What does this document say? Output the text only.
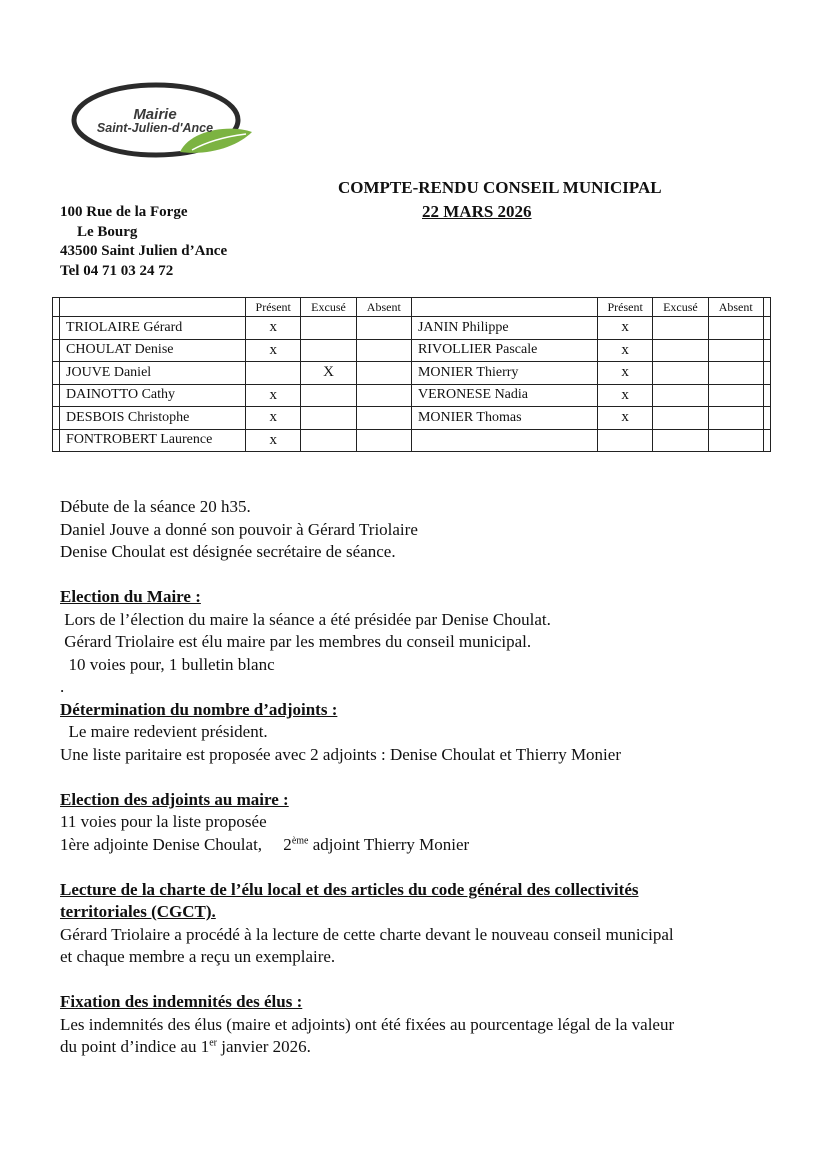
Mairie
Saint-Julien-d'Ance
COMPTE-RENDU CONSEIL MUNICIPAL
22 MARS 2026
100 Rue de la Forge
Le Bourg
43500 Saint Julien d’Ance
Tel 04 71 03 24 72
		Présent	Excusé	Absent		Présent	Excusé	Absent	
	TRIOLAIRE Gérard	x			JANIN Philippe	x			
	CHOULAT Denise	x			RIVOLLIER Pascale	x			
	JOUVE Daniel		X		MONIER Thierry	x			
	DAINOTTO Cathy	x			VERONESE Nadia	x			
	DESBOIS Christophe	x			MONIER Thomas	x			
	FONTROBERT Laurence	x							

Débute de la séance 20 h35.

Daniel Jouve a donné son pouvoir à Gérard Triolaire

Denise Choulat est désignée secrétaire de séance.

Election du Maire :

Lors de l’élection du maire la séance a été présidée par Denise Choulat.

Gérard Triolaire est élu maire par les membres du conseil municipal.

10 voies pour, 1 bulletin blanc

.

Détermination du nombre d’adjoints :

Le maire redevient président.

Une liste paritaire est proposée avec 2 adjoints : Denise Choulat et Thierry Monier

Election des adjoints au maire :

11 voies pour la liste proposée

1ère adjointe Denise Choulat,     2ème adjoint Thierry Monier

Lecture de la charte de l’élu local et des articles du code général des collectivités

territoriales (CGCT).

Gérard Triolaire a procédé à la lecture de cette charte devant le nouveau conseil municipal

et chaque membre a reçu un exemplaire.

Fixation des indemnités des élus :

Les indemnités des élus (maire et adjoints) ont été fixées au pourcentage légal de la valeur

du point d’indice au 1er janvier 2026.
